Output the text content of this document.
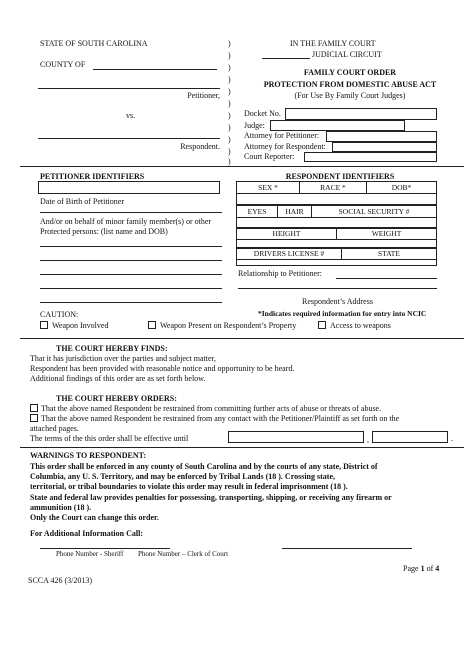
STATE OF SOUTH CAROLINA
COUNTY OF
Petitioner,
vs.
Respondent.
)
)
)
)
)
)
)
)
)
)
)
IN THE FAMILY COURT
JUDICIAL CIRCUIT
FAMILY COURT ORDER
PROTECTION FROM DOMESTIC ABUSE ACT
(For Use By Family Court Judges)
Docket No.
Judge:
Attorney for Petitioner:
Attorney for Respondent:
Court Reporter:
PETITIONER IDENTIFIERS
Date of Birth of Petitioner
And/or on behalf of minor family member(s) or other
Protected persons: (list name and DOB)
RESPONDENT IDENTIFIERS
SEX *	RACE *	DOB*
EYES	HAIR	SOCIAL SECURITY #
HEIGHT	WEIGHT
DRIVERS LICENSE #	STATE
Relationship to Petitioner:
Respondent’s Address
*Indicates required information for entry into NCIC
CAUTION:
Weapon Involved	Weapon Present on Respondent’s Property	Access to weapons
THE COURT HEREBY FINDS:
That it has jurisdiction over the parties and subject matter,
Respondent has been provided with reasonable notice and opportunity to be heard.
Additional findings of this order are as set forth below.
THE COURT HEREBY ORDERS:
That the above named Respondent be restrained from committing further acts of abuse or threats of abuse.
That the above named Respondent be restrained from any contact with the Petitioner/Plaintiff as set forth on the
attached pages.
The terms of the this order shall be effective until	,	.
WARNINGS TO RESPONDENT:
This order shall be enforced in any county of South Carolina and by the courts of any state, District of
Columbia, any U. S. Territory, and may be enforced by Tribal Lands (18 ). Crossing state,
territorial, or tribal boundaries to violate this order may result in federal imprisonment (18 ).
State and federal law provides penalties for possessing, transporting, shipping, or receiving any firearm or
ammunition (18 ).
Only the Court can change this order.
For Additional Information Call:
Phone Number - Sheriff Phone Number – Clerk of Court
Page 1 of 4
SCCA 426 (3/2013)
